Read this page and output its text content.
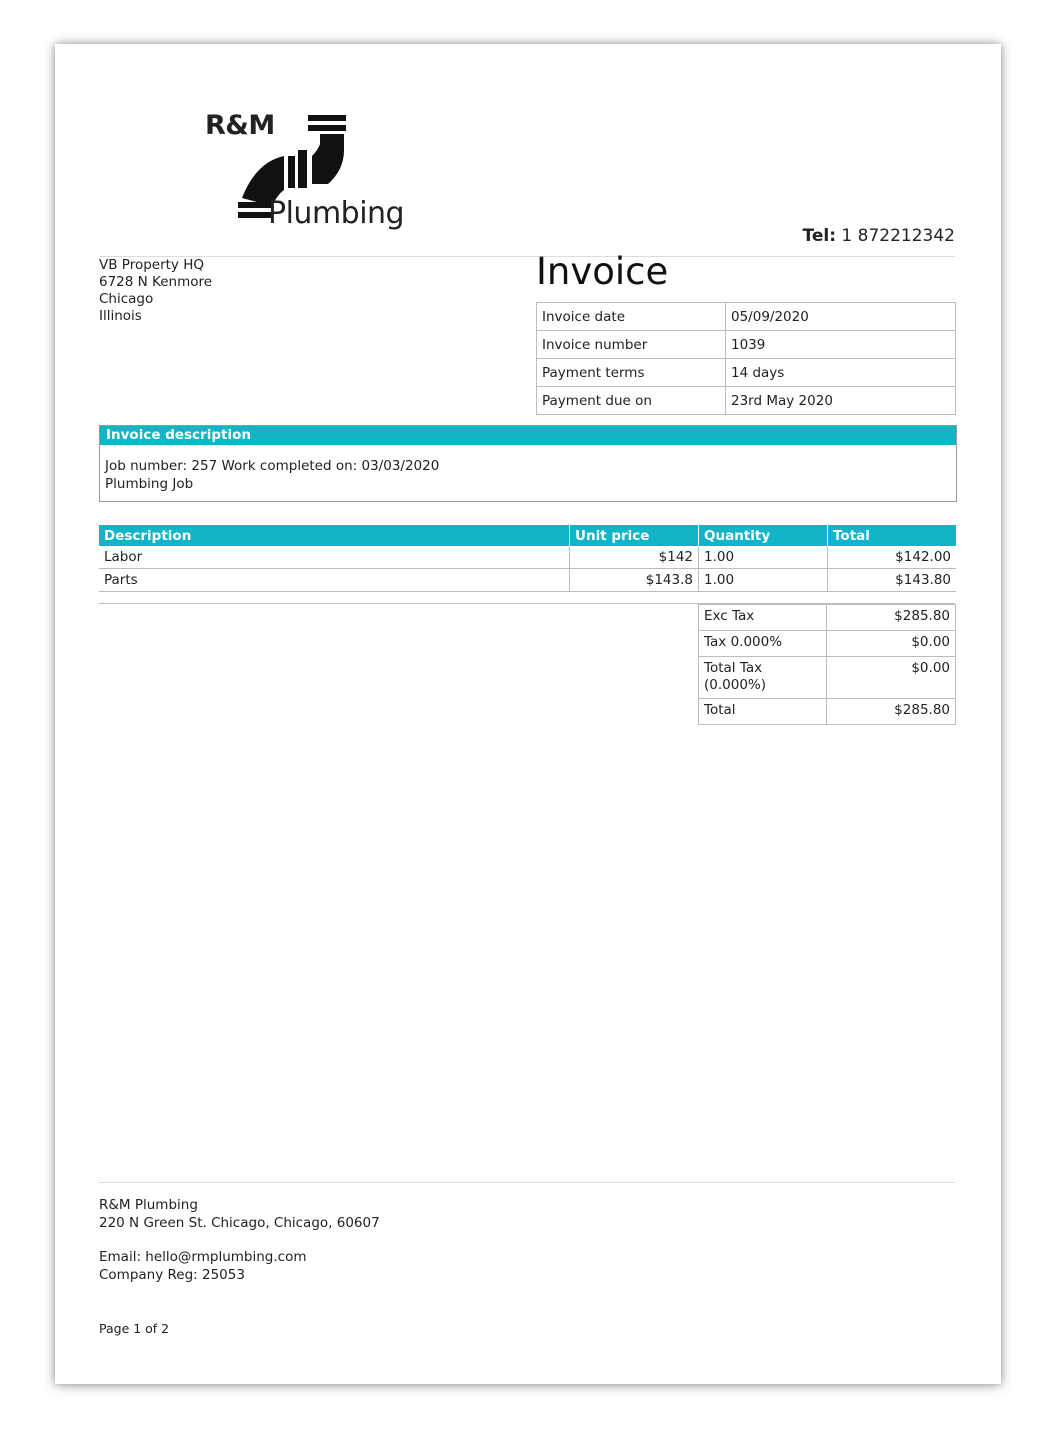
R&M
Plumbing
Tel: 1 872212342
VB Property HQ
6728 N Kenmore
Chicago
Illinois
Invoice
Invoice date	05/09/2020
Invoice number	1039
Payment terms	14 days
Payment due on	23rd May 2020
Invoice description
Job number: 257 Work completed on: 03/03/2020
Plumbing Job
Description	Unit price	Quantity	Total
Labor	$142	1.00	$142.00
Parts	$143.8	1.00	$143.80
Exc Tax	$285.80
Tax 0.000%	$0.00
Total Tax (0.000%)	$0.00
Total	$285.80
R&M Plumbing
220 N Green St. Chicago, Chicago, 60607
Email: hello@rmplumbing.com
Company Reg: 25053
Page 1 of 2
